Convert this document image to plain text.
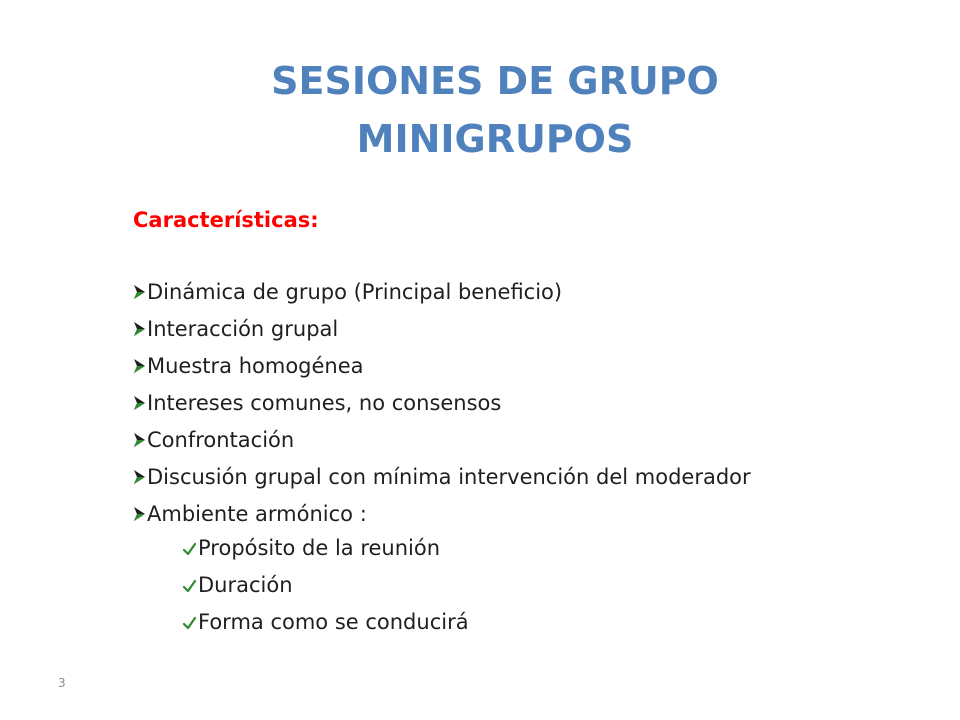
SESIONES DE GRUPO
MINIGRUPOS
Características:
Dinámica de grupo (Principal beneficio)
Interacción grupal
Muestra homogénea
Intereses comunes, no consensos
Confrontación
Discusión grupal con mínima intervención del moderador
Ambiente armónico :
Propósito de la reunión
Duración
Forma como se conducirá
3
